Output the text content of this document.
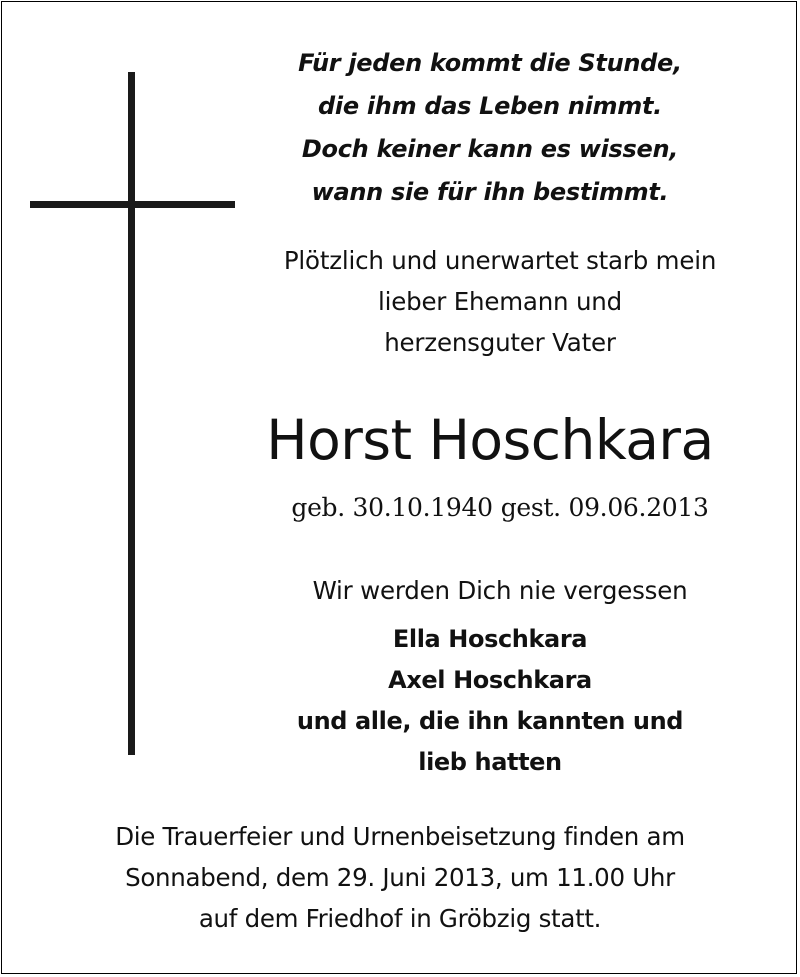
Für jeden kommt die Stunde,
die ihm das Leben nimmt.
Doch keiner kann es wissen,
wann sie für ihn bestimmt.
Plötzlich und unerwartet starb mein
lieber Ehemann und
herzensguter Vater
Horst Hoschkara
geb. 30.10.1940 gest. 09.06.2013
Wir werden Dich nie vergessen
Ella Hoschkara
Axel Hoschkara
und alle, die ihn kannten und
lieb hatten
Die Trauerfeier und Urnenbeisetzung finden am
Sonnabend, dem 29. Juni 2013, um 11.00 Uhr
auf dem Friedhof in Gröbzig statt.
